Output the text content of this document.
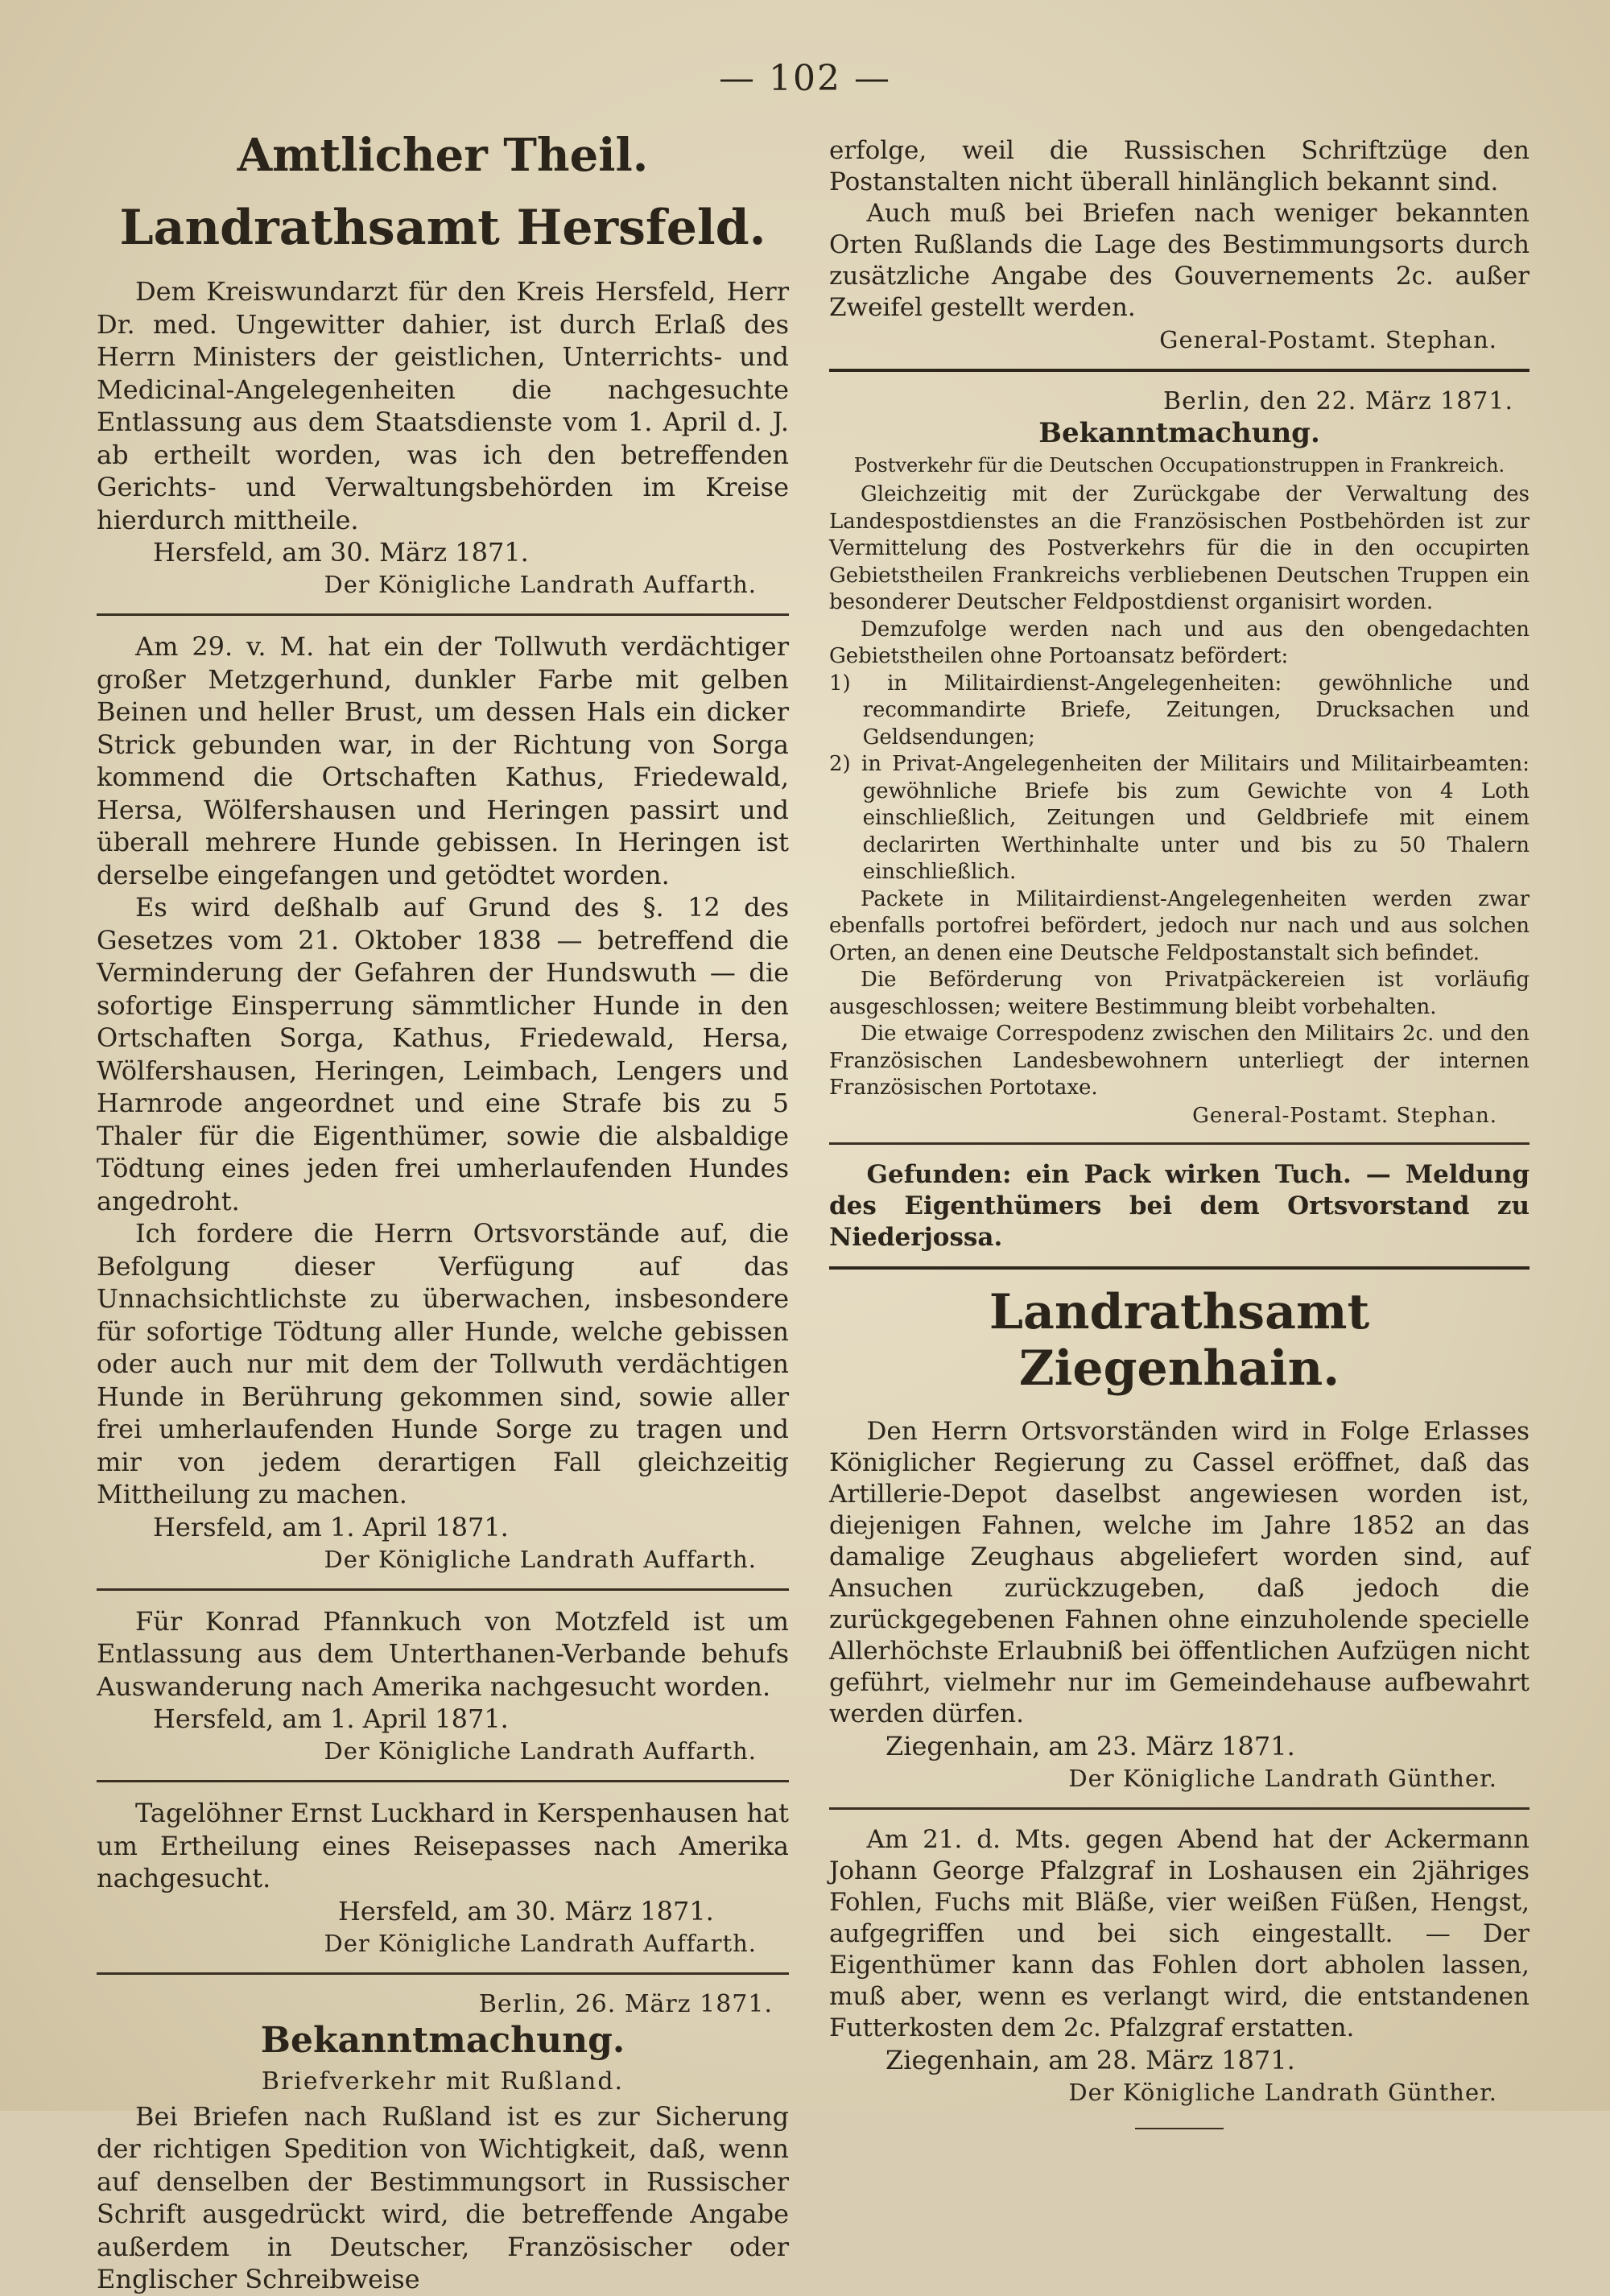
— 102 —
Amtlicher Theil.
Landrathsamt Hersfeld.

Dem Kreiswundarzt für den Kreis Hersfeld, Herr Dr. med. Ungewitter dahier, ist durch Erlaß des Herrn Ministers der geistlichen, Unterrichts- und Medicinal-Angelegenheiten die nachgesuchte Entlassung aus dem Staatsdienste vom 1. April d. J. ab ertheilt worden, was ich den betreffenden Gerichts- und Verwaltungsbehörden im Kreise hierdurch mittheile.

Hersfeld, am 30. März 1871.
Der Königliche Landrath Auffarth.

Am 29. v. M. hat ein der Tollwuth verdächtiger großer Metzgerhund, dunkler Farbe mit gelben Beinen und heller Brust, um dessen Hals ein dicker Strick gebunden war, in der Richtung von Sorga kommend die Ortschaften Kathus, Friedewald, Hersa, Wölfershausen und Heringen passirt und überall mehrere Hunde gebissen. In Heringen ist derselbe eingefangen und getödtet worden.

Es wird deßhalb auf Grund des §. 12 des Gesetzes vom 21. Oktober 1838 — betreffend die Verminderung der Gefahren der Hundswuth — die sofortige Einsperrung sämmtlicher Hunde in den Ortschaften Sorga, Kathus, Friedewald, Hersa, Wölfershausen, Heringen, Leimbach, Lengers und Harnrode angeordnet und eine Strafe bis zu 5 Thaler für die Eigenthümer, sowie die alsbaldige Tödtung eines jeden frei umherlaufenden Hundes angedroht.

Ich fordere die Herrn Ortsvorstände auf, die Befolgung dieser Verfügung auf das Unnachsichtlichste zu überwachen, insbesondere für sofortige Tödtung aller Hunde, welche gebissen oder auch nur mit dem der Tollwuth verdächtigen Hunde in Berührung gekommen sind, sowie aller frei umherlaufenden Hunde Sorge zu tragen und mir von jedem derartigen Fall gleichzeitig Mittheilung zu machen.

Hersfeld, am 1. April 1871.
Der Königliche Landrath Auffarth.

Für Konrad Pfannkuch von Motzfeld ist um Entlassung aus dem Unterthanen-Verbande behufs Auswanderung nach Amerika nachgesucht worden.

Hersfeld, am 1. April 1871.
Der Königliche Landrath Auffarth.

Tagelöhner Ernst Luckhard in Kerspenhausen hat um Ertheilung eines Reisepasses nach Amerika nachgesucht.

Hersfeld, am 30. März 1871.
Der Königliche Landrath Auffarth.
Berlin, 26. März 1871.
Bekanntmachung.
Briefverkehr mit Rußland.

Bei Briefen nach Rußland ist es zur Sicherung der richtigen Spedition von Wichtigkeit, daß, wenn auf denselben der Bestimmungsort in Russischer Schrift ausgedrückt wird, die betreffende Angabe außerdem in Deutscher, Französischer oder Englischer Schreibweise

erfolge, weil die Russischen Schriftzüge den Postanstalten nicht überall hinlänglich bekannt sind.

Auch muß bei Briefen nach weniger bekannten Orten Rußlands die Lage des Bestimmungsorts durch zusätzliche Angabe des Gouvernements 2c. außer Zweifel gestellt werden.

General-Postamt. Stephan.
Berlin, den 22. März 1871.
Bekanntmachung.
Postverkehr für die Deutschen Occupationstruppen in Frankreich.

Gleichzeitig mit der Zurückgabe der Verwaltung des Landespostdienstes an die Französischen Postbehörden ist zur Vermittelung des Postverkehrs für die in den occupirten Gebietstheilen Frankreichs verbliebenen Deutschen Truppen ein besonderer Deutscher Feldpostdienst organisirt worden.

Demzufolge werden nach und aus den obengedachten Gebietstheilen ohne Portoansatz befördert:

1) in Militairdienst-Angelegenheiten: gewöhnliche und recommandirte Briefe, Zeitungen, Drucksachen und Geldsendungen;

2) in Privat-Angelegenheiten der Militairs und Militairbeamten: gewöhnliche Briefe bis zum Gewichte von 4 Loth einschließlich, Zeitungen und Geldbriefe mit einem declarirten Werthinhalte unter und bis zu 50 Thalern einschließlich.

Packete in Militairdienst-Angelegenheiten werden zwar ebenfalls portofrei befördert, jedoch nur nach und aus solchen Orten, an denen eine Deutsche Feldpostanstalt sich befindet.

Die Beförderung von Privatpäckereien ist vorläufig ausgeschlossen; weitere Bestimmung bleibt vorbehalten.

Die etwaige Correspodenz zwischen den Militairs 2c. und den Französischen Landesbewohnern unterliegt der internen Französischen Portotaxe.

General-Postamt. Stephan.

Gefunden: ein Pack wirken Tuch. — Meldung des Eigenthümers bei dem Ortsvorstand zu Niederjossa.

Landrathsamt Ziegenhain.

Den Herrn Ortsvorständen wird in Folge Erlasses Königlicher Regierung zu Cassel eröffnet, daß das Artillerie-Depot daselbst angewiesen worden ist, diejenigen Fahnen, welche im Jahre 1852 an das damalige Zeughaus abgeliefert worden sind, auf Ansuchen zurückzugeben, daß jedoch die zurückgegebenen Fahnen ohne einzuholende specielle Allerhöchste Erlaubniß bei öffentlichen Aufzügen nicht geführt, vielmehr nur im Gemeindehause aufbewahrt werden dürfen.

Ziegenhain, am 23. März 1871.
Der Königliche Landrath Günther.

Am 21. d. Mts. gegen Abend hat der Ackermann Johann George Pfalzgraf in Loshausen ein 2jähriges Fohlen, Fuchs mit Bläße, vier weißen Füßen, Hengst, aufgegriffen und bei sich eingestallt. — Der Eigenthümer kann das Fohlen dort abholen lassen, muß aber, wenn es verlangt wird, die entstandenen Futterkosten dem 2c. Pfalzgraf erstatten.

Ziegenhain, am 28. März 1871.
Der Königliche Landrath Günther.
